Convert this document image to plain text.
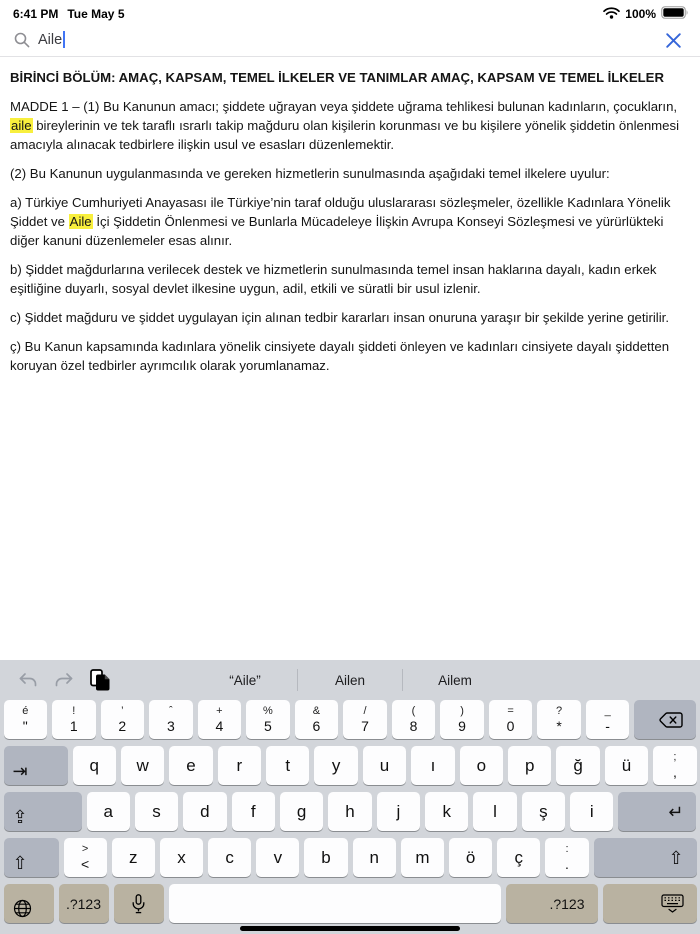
6:41 PM Tue May 5	100%
Aile
BİRİNCİ BÖLÜM: AMAÇ, KAPSAM, TEMEL İLKELER VE TANIMLAR AMAÇ, KAPSAM VE TEMEL İLKELER

MADDE 1 – (1) Bu Kanunun amacı; şiddete uğrayan veya şiddete uğrama tehlikesi bulunan kadınların, çocukların, aile bireylerinin ve tek taraflı ısrarlı takip mağduru olan kişilerin korunması ve bu kişilere yönelik şiddetin önlenmesi amacıyla alınacak tedbirlere ilişkin usul ve esasları düzenlemektir.

(2) Bu Kanunun uygulanmasında ve gereken hizmetlerin sunulmasında aşağıdaki temel ilkelere uyulur:

a) Türkiye Cumhuriyeti Anayasası ile Türkiye’nin taraf olduğu uluslararası sözleşmeler, özellikle Kadınlara Yönelik Şiddet ve Aile İçi Şiddetin Önlenmesi ve Bunlarla Mücadeleye İlişkin Avrupa Konseyi Sözleşmesi ve yürürlükteki diğer kanuni düzenlemeler esas alınır.

b) Şiddet mağdurlarına verilecek destek ve hizmetlerin sunulmasında temel insan haklarına dayalı, kadın erkek eşitliğine duyarlı, sosyal devlet ilkesine uygun, adil, etkili ve süratli bir usul izlenir.

c) Şiddet mağduru ve şiddet uygulayan için alınan tedbir kararları insan onuruna yaraşır bir şekilde yerine getirilir.

ç) Bu Kanun kapsamında kadınlara yönelik cinsiyete dayalı şiddeti önleyen ve kadınları cinsiyete dayalı şiddetten koruyan özel tedbirler ayrımcılık olarak yorumlanamaz.

“Aile”	Ailen	Ailem
é
"
!
1
’
2
ˆ
3
+
4
%
5
&
6
/
7
(
8
)
9
=
0
?
*
_
-
⇥	q w e r	t y u ı o p ğ ü	;
,
⇪	a s d f g h j k l ş i	↵
⇧
>
< z x c v b n m ö ç	:
.	⇧
.?123	.?123
